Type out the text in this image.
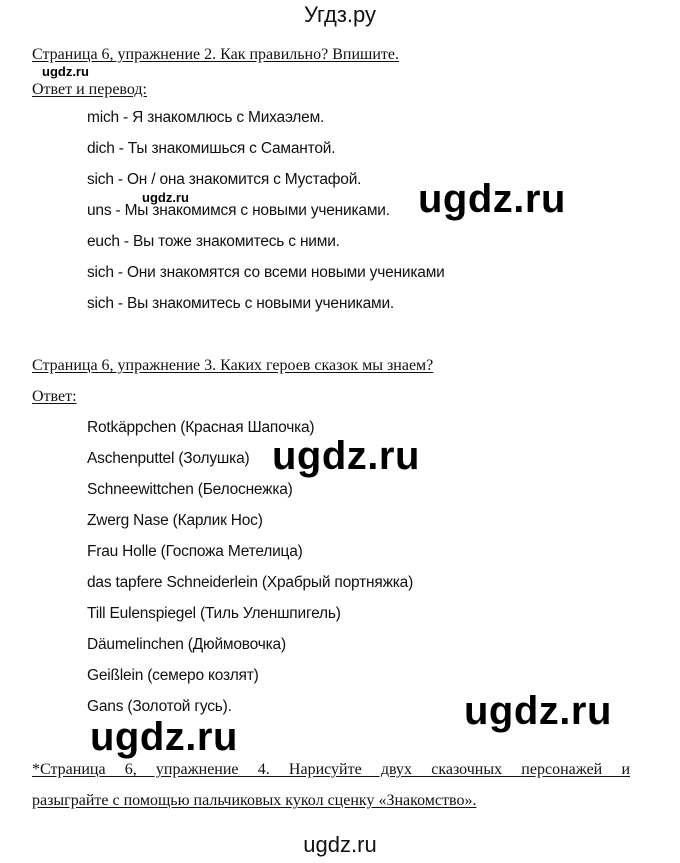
Угдз.ру
Страница 6, упражнение 2. Как правильно? Впишите.
ugdz.ru
Ответ и перевод:
mich - Я знакомлюсь с Михаэлем.
dich - Ты знакомишься с Самантой.
sich - Он / она знакомится с Мустафой.
uns - Мы знакомимся с новыми учениками.
euch - Вы тоже знакомитесь с ними.
sich - Они знакомятся со всеми новыми учениками
sich - Вы знакомитесь с новыми учениками.
ugdz.ru	ugdz.ru
Страница 6, упражнение 3. Каких героев сказок мы знаем?
Ответ:
Rotkäppchen (Красная Шапочка)
Aschenputtel (Золушка)
Schneewittchen (Белоснежка)
Zwerg Nase (Карлик Нос)
Frau Holle (Госпожа Метелица)
das tapfere Schneiderlein (Храбрый портняжка)
Till Eulenspiegel (Тиль Уленшпигель)
Däumelinchen (Дюймовочка)
Geißlein (семеро козлят)
Gans (Золотой гусь).
ugdz.ru
ugdz.ru
ugdz.ru
*Страница 6, упражнение 4. Нарисуйте двух сказочных персонажей и
разыграйте с помощью пальчиковых кукол сценку «Знакомство».
ugdz.ru
